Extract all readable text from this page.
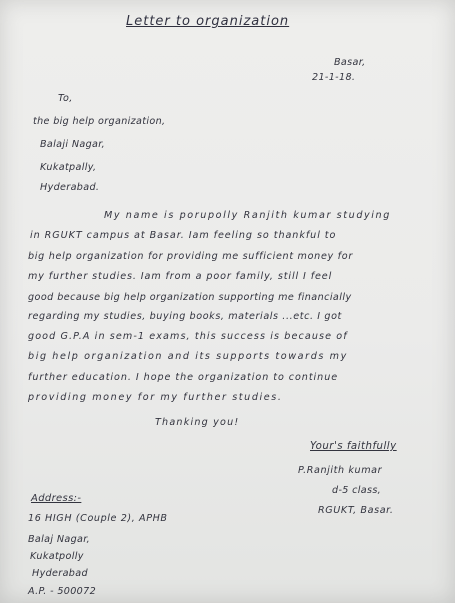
Letter to organization
Basar,
21-1-18.
To,
the big help organization,
Balaji Nagar,
Kukatpally,
Hyderabad.
My name is porupolly Ranjith kumar studying
in RGUKT campus at Basar. Iam feeling so thankful to
big help organization for providing me sufficient money for
my further studies. Iam from a poor family, still I feel
good because big help organization supporting me financially
regarding my studies, buying books, materials ...etc. I got
good G.P.A in sem-1 exams, this success is because of
big help organization and its supports towards my
further education. I hope the organization to continue
providing money for my further studies.
Thanking you!
Your's faithfully
P.Ranjith kumar
d-5 class,
RGUKT, Basar.
Address:-
16 HIGH (Couple 2), APHB
Balaj Nagar,
Kukatpolly
Hyderabad
A.P. - 500072
